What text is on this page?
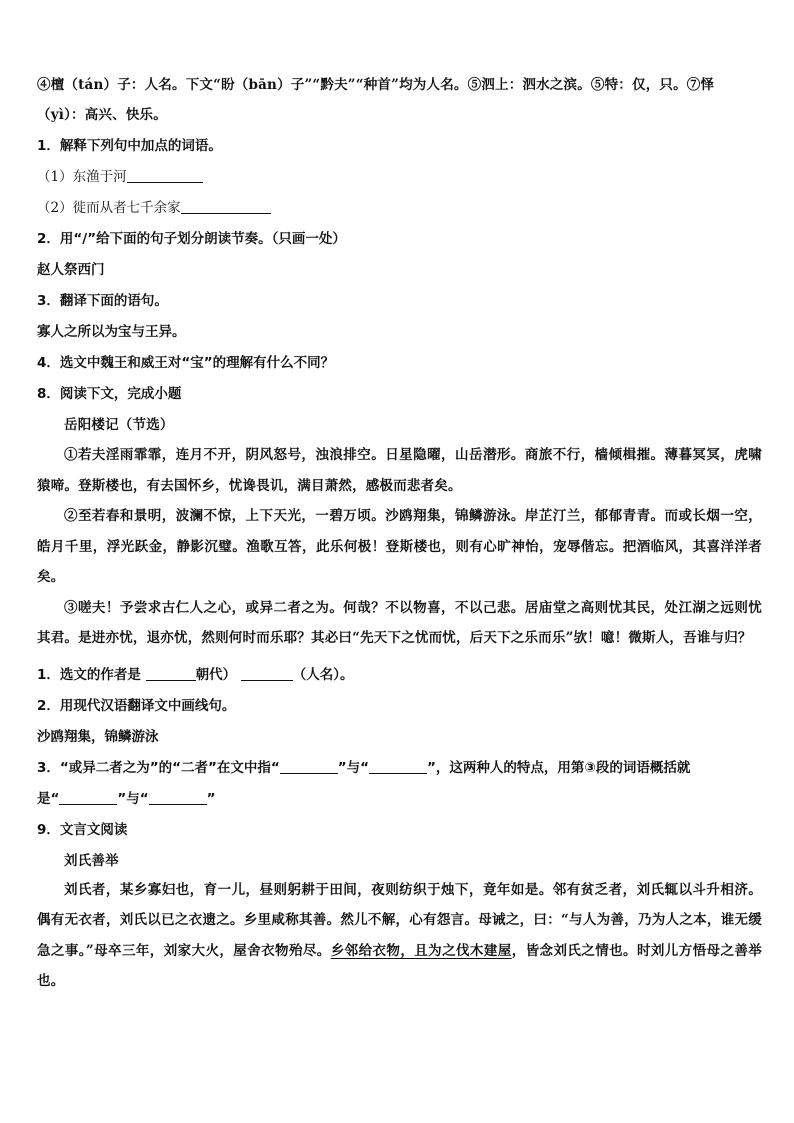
④檀（tán）子：人名。下文“盼（bān）子”“黔夫”“种首”均为人名。⑤泗上：泗水之滨。⑤特：仅，只。⑦怿
（yì）：高兴、快乐。
1．解释下列句中加点的词语。
（1）东渔于河
（2）徙而从者七千余家
2．用“/”给下面的句子划分朗读节奏。（只画一处）
赵人祭西门
3．翻译下面的语句。
寡人之所以为宝与王异。
4．选文中魏王和威王对“宝”的理解有什么不同？
8．阅读下文，完成小题
岳阳楼记（节选）
①若夫淫雨霏霏，连月不开，阴风怒号，浊浪排空。日星隐曜，山岳潜形。商旅不行，樯倾楫摧。薄暮冥冥，虎啸猿啼。登斯楼也，有去国怀乡，忧谗畏讥，满目萧然，感极而悲者矣。
②至若春和景明，波澜不惊，上下天光，一碧万顷。沙鸥翔集，锦鳞游泳。岸芷汀兰，郁郁青青。而或长烟一空，皓月千里，浮光跃金，静影沉璧。渔歌互答，此乐何极！登斯楼也，则有心旷神怡，宠辱偕忘。把酒临风，其喜洋洋者矣。
③嗟夫！予尝求古仁人之心，或异二者之为。何哉？不以物喜，不以己悲。居庙堂之高则忧其民，处江湖之远则忧其君。是进亦忧，退亦忧，然则何时而乐耶？其必曰“先天下之忧而忧，后天下之乐而乐”欤！噫！微斯人，吾谁与归？
1．选文的作者是	朝代）	（人名）。
2．用现代汉语翻译文中画线句。
沙鸥翔集，锦鳞游泳
3．“或异二者之为”的“二者”在文中指“	”与“	”，这两种人的特点，用第③段的词语概括就
是“	”与“	”
9．文言文阅读
刘氏善举
刘氏者，某乡寡妇也，育一儿，昼则躬耕于田间，夜则纺织于烛下，竟年如是。邻有贫乏者，刘氏辄以斗升相济。偶有无衣者，刘氏以已之衣遗之。乡里咸称其善。然儿不解，心有怨言。母诫之，曰：“与人为善，乃为人之本，谁无缓急之事。”母卒三年，刘家大火，屋舍衣物殆尽。乡邻给衣物，且为之伐木建屋，皆念刘氏之情也。时刘儿方悟母之善举也。
